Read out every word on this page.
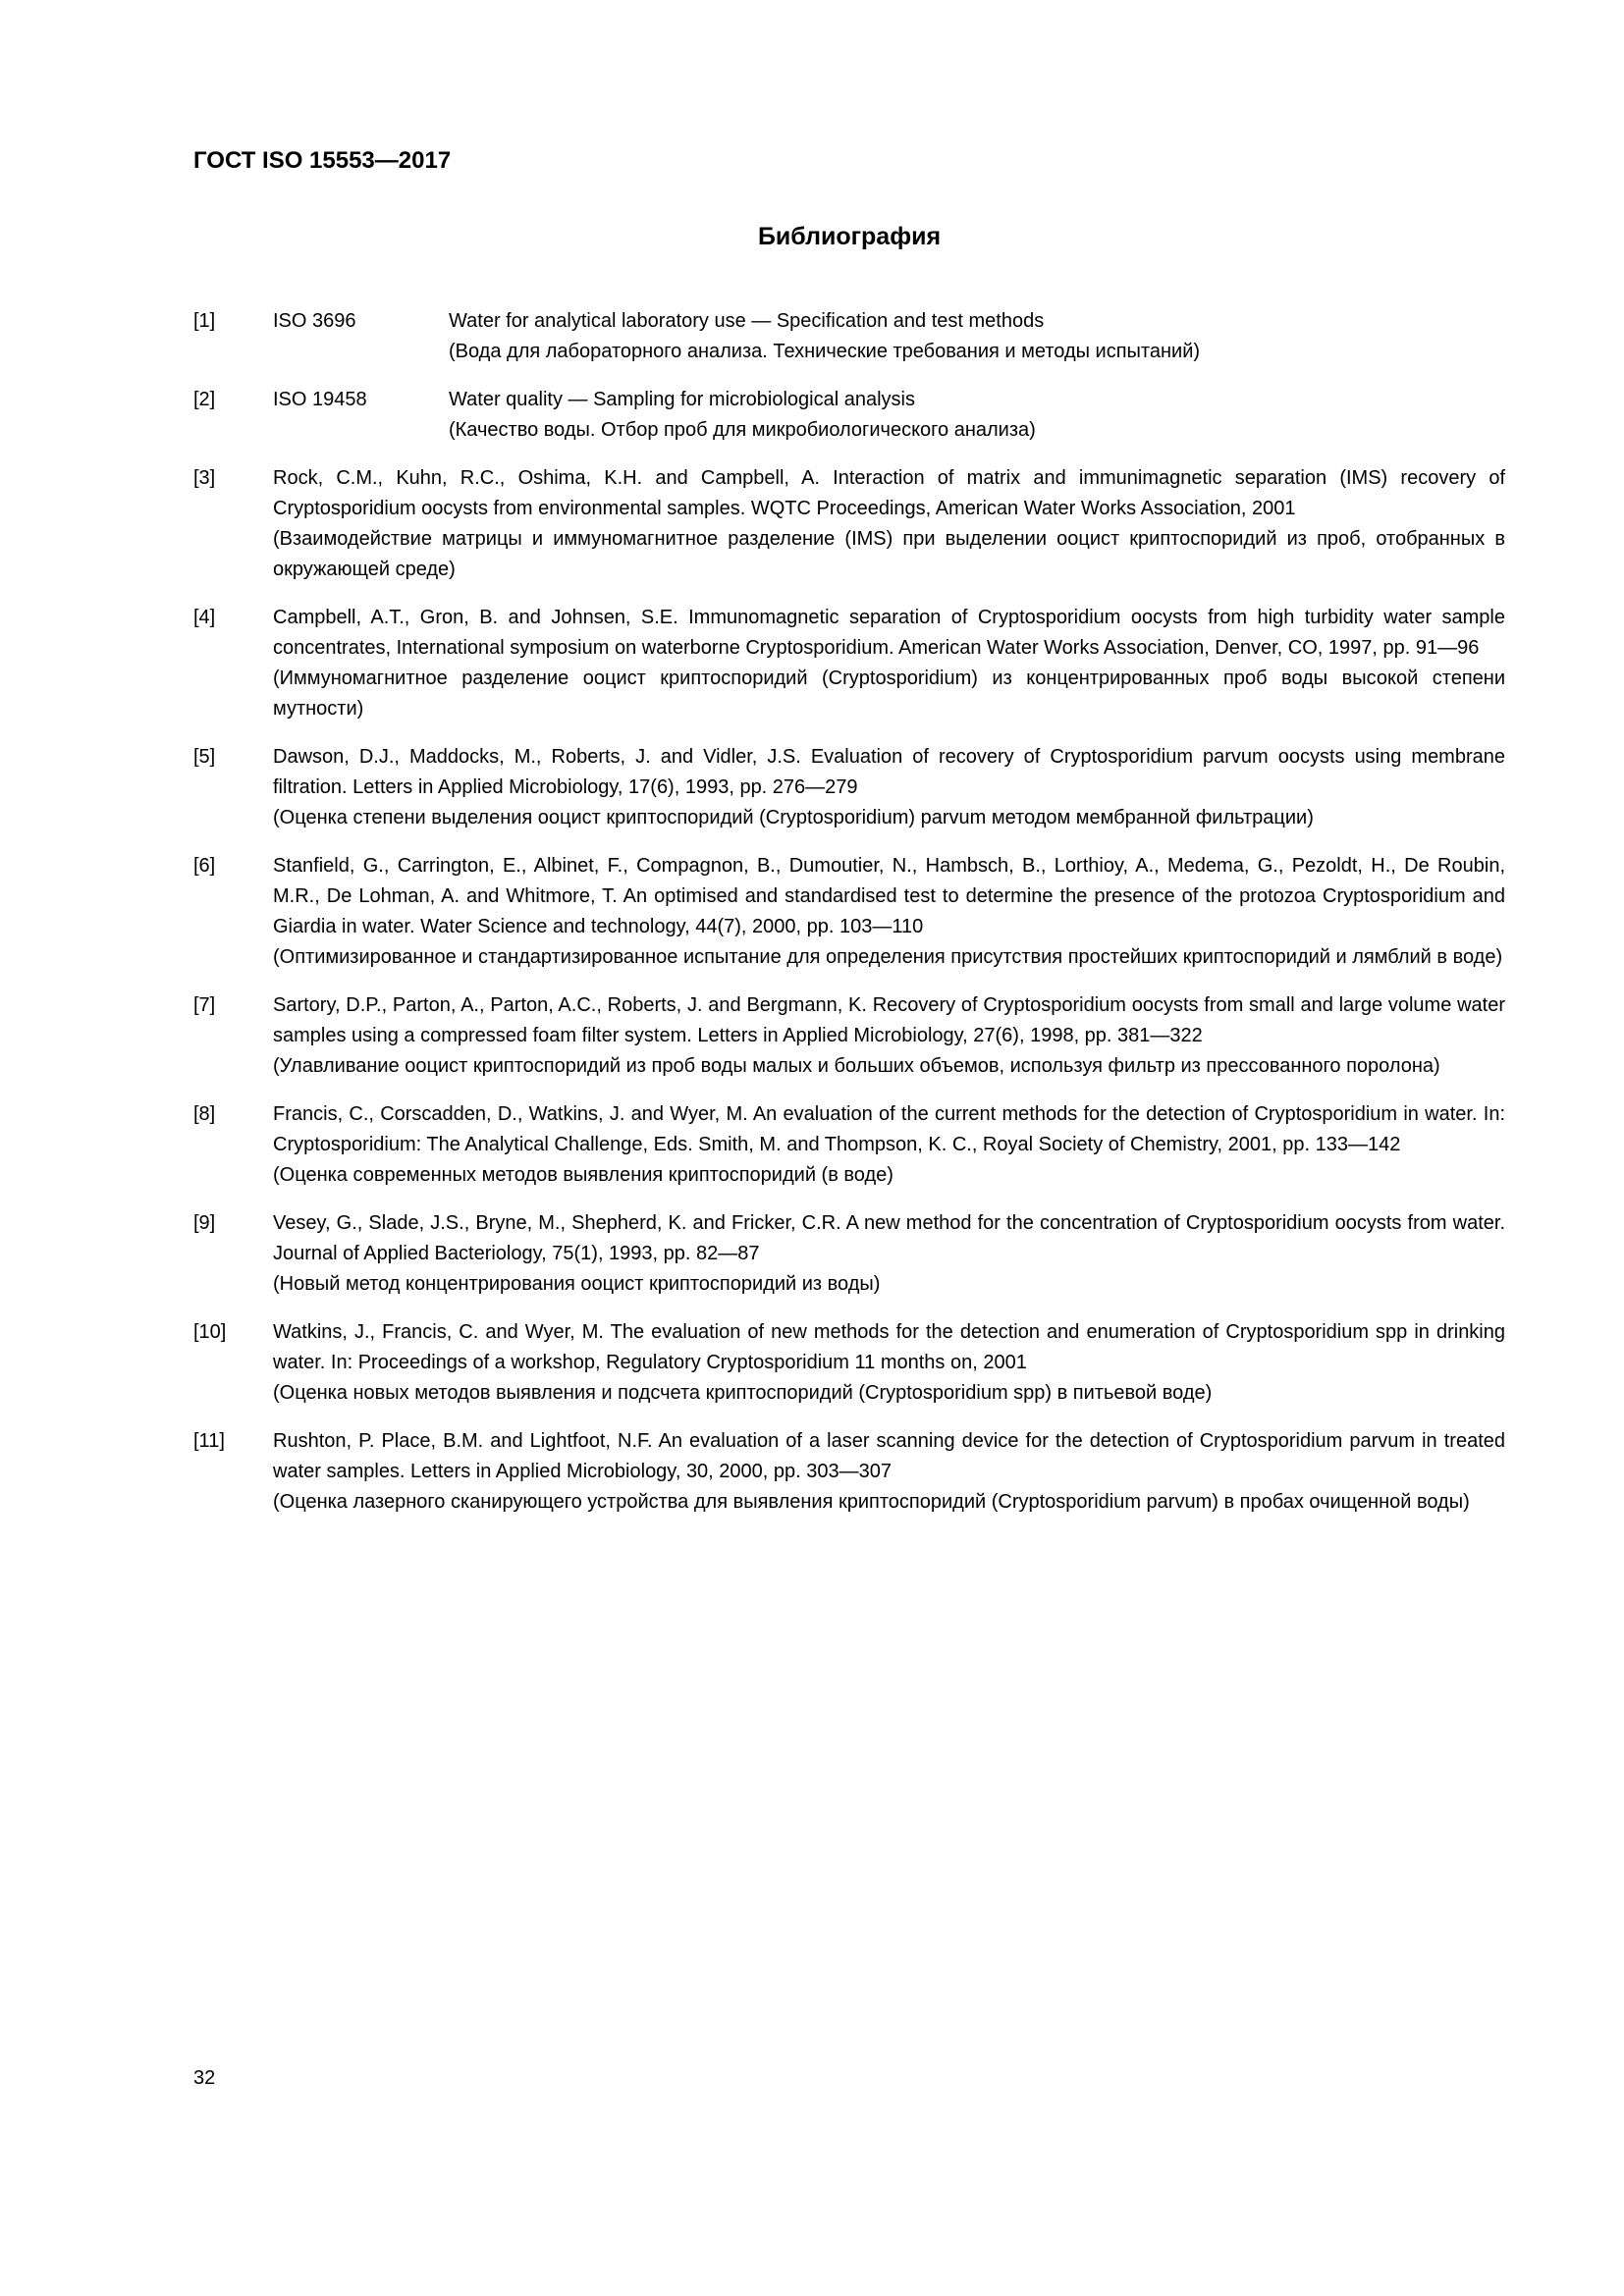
ГОСТ ISO 15553—2017
Библиография
[1]	ISO 3696	Water for analytical laboratory use — Specification and test methods
(Вода для лабораторного анализа. Технические требования и методы испытаний)
[2]	ISO 19458	Water quality — Sampling for microbiological analysis
(Качество воды. Отбор проб для микробиологического анализа)
[3]	Rock, C.M., Kuhn, R.C., Oshima, K.H. and Campbell, A. Interaction of matrix and immunimagnetic separation (IMS) recovery of Cryptosporidium oocysts from environmental samples. WQTC Proceedings, American Water Works Association, 2001
(Взаимодействие матрицы и иммуномагнитное разделение (IMS) при выделении ооцист криптоспоридий из проб, отобранных в окружающей среде)
[4]	Campbell, A.T., Gron, B. and Johnsen, S.E. Immunomagnetic separation of Cryptosporidium oocysts from high turbidity water sample concentrates, International symposium on waterborne Cryptosporidium. American Water Works Association, Denver, CO, 1997, pp. 91—96
(Иммуномагнитное разделение ооцист криптоспоридий (Cryptosporidium) из концентрированных проб воды высокой степени мутности)
[5]	Dawson, D.J., Maddocks, M., Roberts, J. and Vidler, J.S. Evaluation of recovery of Cryptosporidium parvum oocysts using membrane filtration. Letters in Applied Microbiology, 17(6), 1993, pp. 276—279
(Оценка степени выделения ооцист криптоспоридий (Cryptosporidium) parvum методом мембранной фильтрации)
[6]	Stanfield, G., Carrington, E., Albinet, F., Compagnon, B., Dumoutier, N., Hambsch, B., Lorthioy, A., Medema, G., Pezoldt, H., De Roubin, M.R., De Lohman, A. and Whitmore, T. An optimised and standardised test to determine the presence of the protozoa Cryptosporidium and Giardia in water. Water Science and technology, 44(7), 2000, pp. 103—110
(Оптимизированное и стандартизированное испытание для определения присутствия простейших криптоспоридий и лямблий в воде)
[7]	Sartory, D.P., Parton, A., Parton, A.C., Roberts, J. and Bergmann, K. Recovery of Cryptosporidium oocysts from small and large volume water samples using a compressed foam filter system. Letters in Applied Microbiology, 27(6), 1998, pp. 381—322
(Улавливание ооцист криптоспоридий из проб воды малых и больших объемов, используя фильтр из прессованного поролона)
[8]	Francis, C., Corscadden, D., Watkins, J. and Wyer, M. An evaluation of the current methods for the detection of Cryptosporidium in water. In: Cryptosporidium: The Analytical Challenge, Eds. Smith, M. and Thompson, K. C., Royal Society of Chemistry, 2001, pp. 133—142
(Оценка современных методов выявления криптоспоридий (в воде)
[9]	Vesey, G., Slade, J.S., Bryne, M., Shepherd, K. and Fricker, C.R. A new method for the concentration of Cryptosporidium oocysts from water. Journal of Applied Bacteriology, 75(1), 1993, pp. 82—87
(Новый метод концентрирования ооцист криптоспоридий из воды)
[10]	Watkins, J., Francis, C. and Wyer, M. The evaluation of new methods for the detection and enumeration of Cryptosporidium spp in drinking water. In: Proceedings of a workshop, Regulatory Cryptosporidium 11 months on, 2001
(Оценка новых методов выявления и подсчета криптоспоридий (Cryptosporidium spp) в питьевой воде)
[11]	Rushton, P. Place, B.M. and Lightfoot, N.F. An evaluation of a laser scanning device for the detection of Cryptosporidium parvum in treated water samples. Letters in Applied Microbiology, 30, 2000, pp. 303—307
(Оценка лазерного сканирующего устройства для выявления криптоспоридий (Cryptosporidium parvum) в пробах очищенной воды)
32
